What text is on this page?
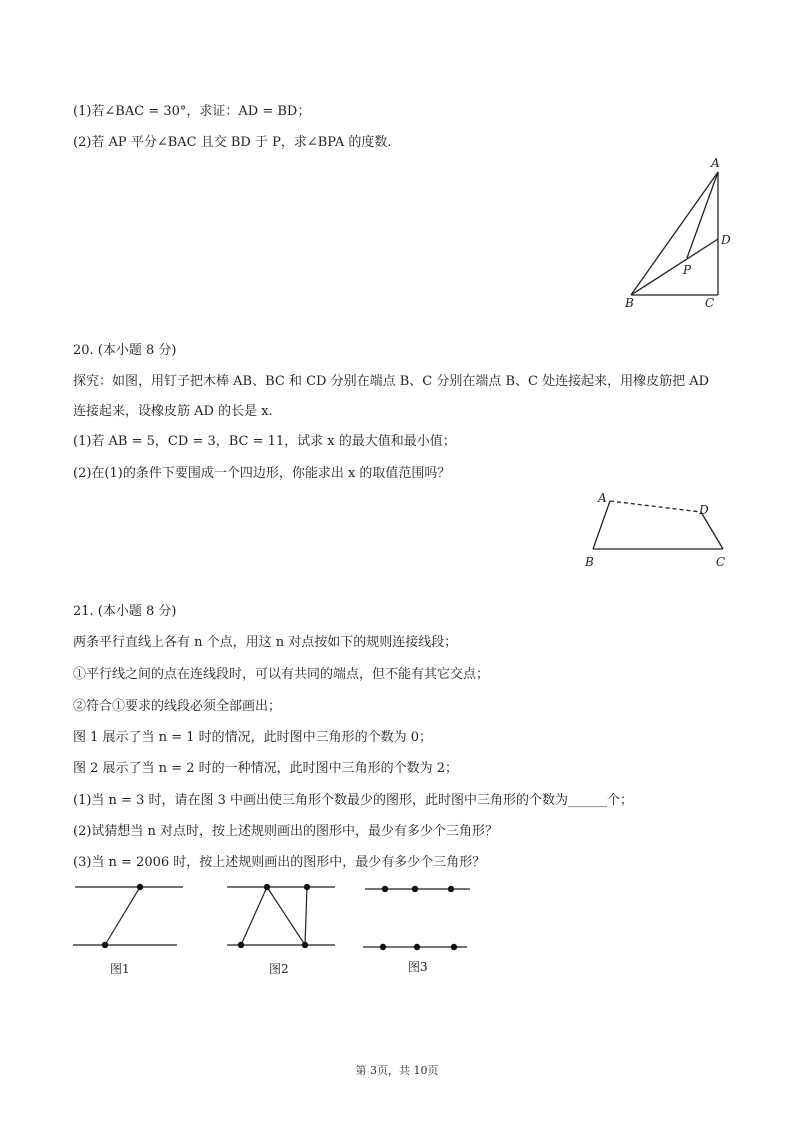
(1)若∠BAC = 30°，求证：AD = BD；
(2)若 AP 平分∠BAC 且交 BD 于 P，求∠BPA 的度数.
A
B	C
D
P
20. (本小题 8 分)
探究：如图，用钉子把木棒 AB、BC 和 CD 分别在端点 B、C 分别在端点 B、C 处连接起来，用橡皮筋把 AD
连接起来，设橡皮筋 AD 的长是 x.
(1)若 AB = 5，CD = 3，BC = 11，试求 x 的最大值和最小值；
(2)在(1)的条件下要围成一个四边形，你能求出 x 的取值范围吗？
A
B	C
D
21. (本小题 8 分)
两条平行直线上各有 n 个点，用这 n 对点按如下的规则连接线段；
①平行线之间的点在连线段时，可以有共同的端点，但不能有其它交点；
②符合①要求的线段必须全部画出；
图 1 展示了当 n = 1 时的情况，此时图中三角形的个数为 0；
图 2 展示了当 n = 2 时的一种情况，此时图中三角形的个数为 2；
(1)当 n = 3 时，请在图 3 中画出使三角形个数最少的图形，此时图中三角形的个数为______个；
(2)试猜想当 n 对点时，按上述规则画出的图形中，最少有多少个三角形？
(3)当 n = 2006 时，按上述规则画出的图形中，最少有多少个三角形？
图1	图2	图3
第 3页，共 10页
